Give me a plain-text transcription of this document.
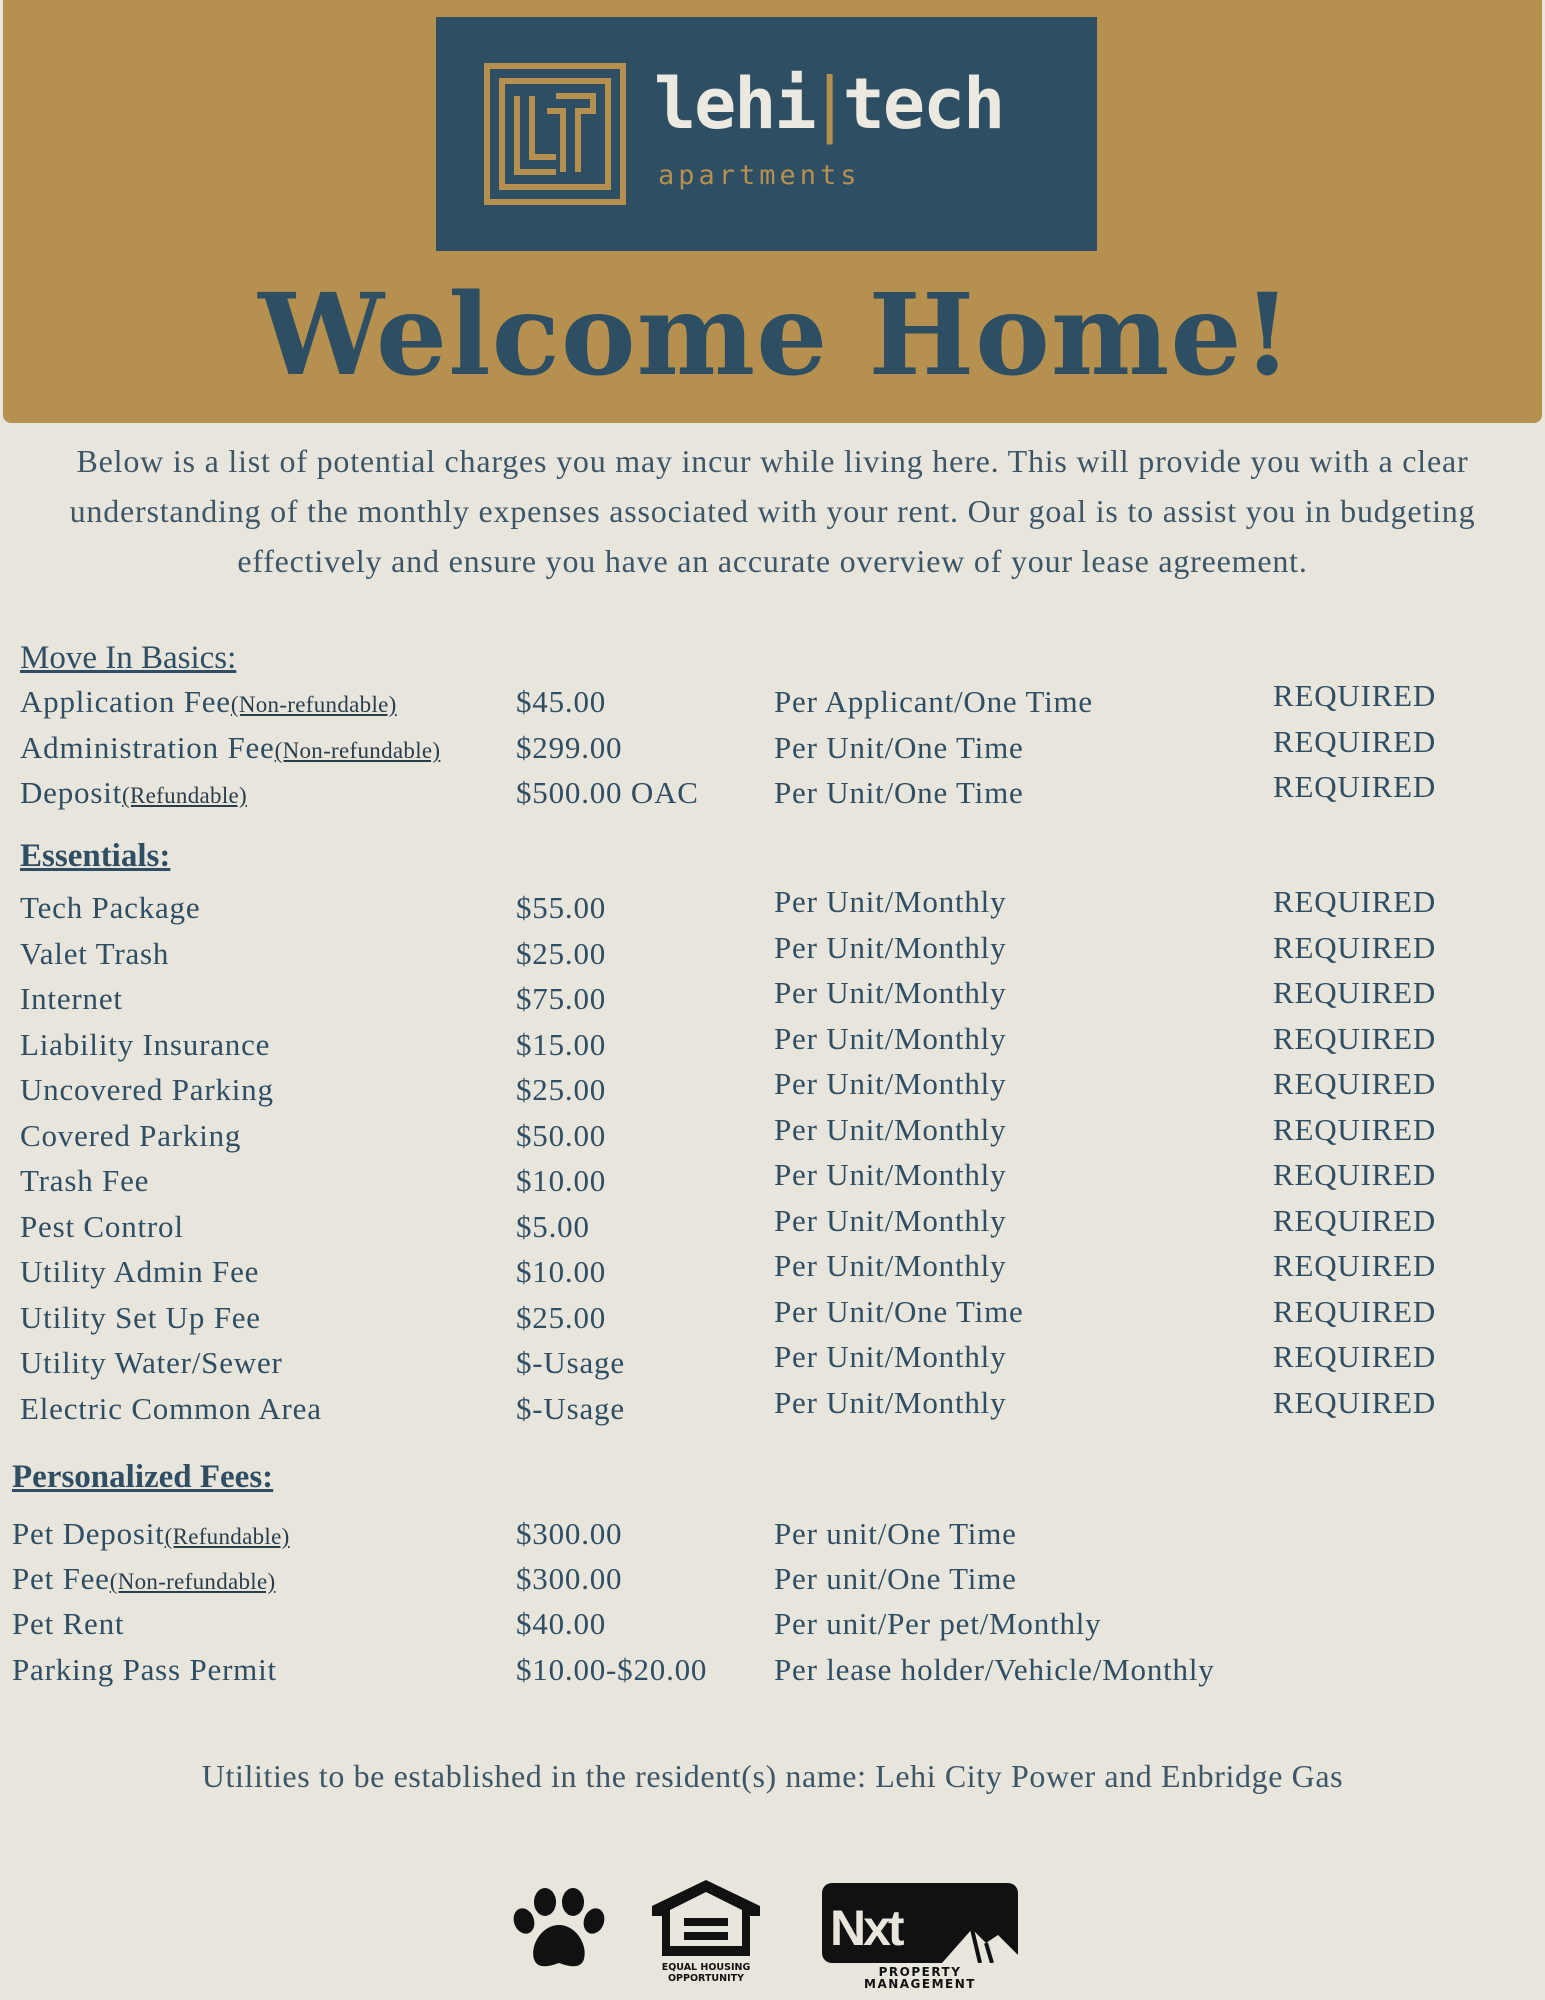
lehi|tech
apartments
Welcome Home!
Below is a list of potential charges you may incur while living here. This will provide you with a clear understanding of the monthly expenses associated with your rent. Our goal is to assist you in budgeting effectively and ensure you have an accurate overview of your lease agreement.
Move In Basics:
Application Fee(Non-refundable)	$45.00	Per Applicant/One Time	REQUIRED
Administration Fee(Non-refundable) $299.00	Per Unit/One Time	REQUIRED
Deposit(Refundable)	$500.00 OAC Per Unit/One Time	REQUIRED
Essentials:
Tech Package	$55.00	Per Unit/Monthly	REQUIRED
Valet Trash	$25.00	Per Unit/Monthly	REQUIRED
Internet	$75.00	Per Unit/Monthly	REQUIRED
Liability Insurance	$15.00	Per Unit/Monthly	REQUIRED
Uncovered Parking	$25.00	Per Unit/Monthly	REQUIRED
Covered Parking	$50.00	Per Unit/Monthly	REQUIRED
Trash Fee	$10.00	Per Unit/Monthly	REQUIRED
Pest Control	$5.00	Per Unit/Monthly	REQUIRED
Utility Admin Fee	$10.00	Per Unit/Monthly	REQUIRED
Utility Set Up Fee	$25.00	Per Unit/One Time	REQUIRED
Utility Water/Sewer	$-Usage	Per Unit/Monthly	REQUIRED
Electric Common Area	$-Usage	Per Unit/Monthly	REQUIRED
Personalized Fees:
Pet Deposit(Refundable)	$300.00	Per unit/One Time
Pet Fee(Non-refundable)	$300.00	Per unit/One Time
Pet Rent	$40.00	Per unit/Per pet/Monthly
Parking Pass Permit	$10.00-$20.00 Per lease holder/Vehicle/Monthly
Utilities to be established in the resident(s) name: Lehi City Power and Enbridge Gas
EQUAL HOUSING
OPPORTUNITY
Nxt
PROPERTY MANAGEMENT
